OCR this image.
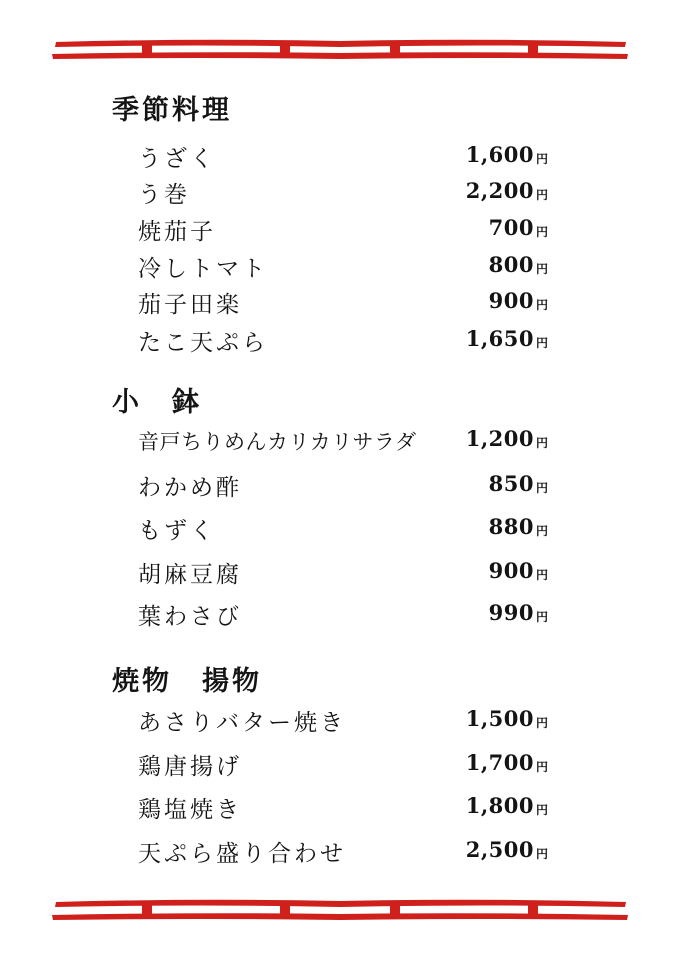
季節料理
うざく	1,600 円
う巻	2,200 円
焼茄子	700 円
冷しトマト	800 円
茄子田楽	900 円
たこ天ぷら	1,650 円
小　鉢
音戸ちりめんカリカリサラダ 1,200 円
わかめ酢	850 円
もずく	880 円
胡麻豆腐	900 円
葉わさび	990 円
焼物　揚物
あさりバター焼き	1,500 円
鶏唐揚げ	1,700 円
鶏塩焼き	1,800 円
天ぷら盛り合わせ	2,500 円
